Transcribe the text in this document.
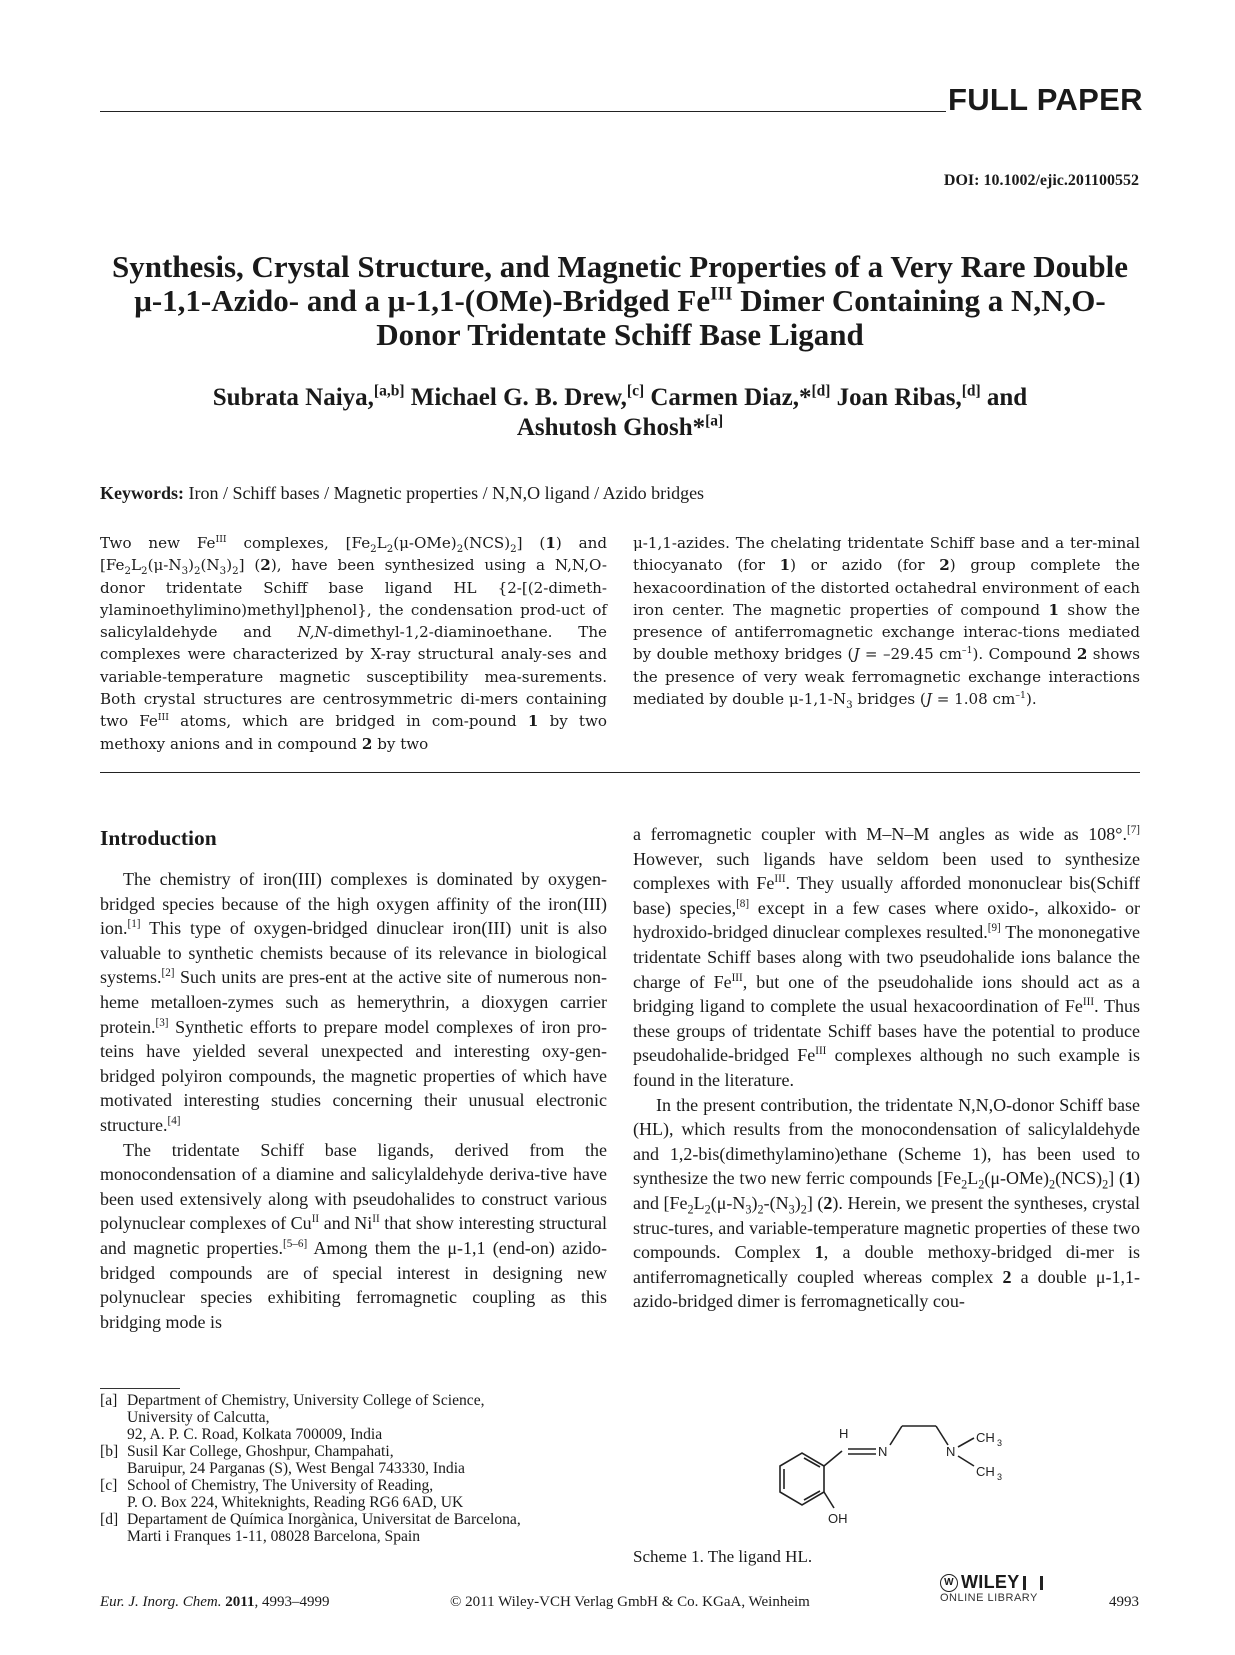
FULL PAPER
DOI: 10.1002/ejic.201100552
Synthesis, Crystal Structure, and Magnetic Properties of a Very Rare Double
μ-1,1-Azido- and a μ-1,1-(OMe)-Bridged $Fe^{III}$ Dimer Containing a N,N,O-
Donor Tridentate Schiff Base Ligand
Subrata Naiya,[a,b] Michael G. B. Drew,[c] Carmen Diaz,*[d] Joan Ribas,[d] and
Ashutosh Ghosh*[a]
Keywords: Iron / Schiff bases / Magnetic properties / N,N,O ligand / Azido bridges
Two new $Fe^{III}$ complexes, $[Fe_2L_2(\mu-OMe)_2(NCS)_2]$ (1) and $[Fe_2L_2(\mu-N_3)_2(N_3)_2]$ (2), have been synthesized using a N,N,O-donor tridentate Schiff base ligand HL {2-[(2-dimeth-ylaminoethylimino)methyl]phenol}, the condensation prod-uct of salicylaldehyde and N,N-dimethyl-1,2-diaminoethane. The complexes were characterized by X-ray structural analy-ses and variable-temperature magnetic susceptibility mea-surements. Both crystal structures are centrosymmetric di-mers containing two $Fe^{III}$ atoms, which are bridged in com-pound 1 by two methoxy anions and in compound 2 by two
μ-1,1-azides. The chelating tridentate Schiff base and a ter-minal thiocyanato (for 1) or azido (for 2) group complete the hexacoordination of the distorted octahedral environment of each iron center. The magnetic properties of compound 1 show the presence of antiferromagnetic exchange interac-tions mediated by double methoxy bridges (J = –29.45 $cm^{-1}$). Compound 2 shows the presence of very weak ferromagnetic exchange interactions mediated by double $\mu-1,1-N_3$ bridges (J = 1.08 $cm^{-1}$).
Introduction

The chemistry of iron(III) complexes is dominated by oxygen-bridged species because of the high oxygen affinity of the iron(III) ion.[1] This type of oxygen-bridged dinuclear iron(III) unit is also valuable to synthetic chemists because of its relevance in biological systems.[2] Such units are pres-ent at the active site of numerous non-heme metalloen-zymes such as hemerythrin, a dioxygen carrier protein.[3] Synthetic efforts to prepare model complexes of iron pro-teins have yielded several unexpected and interesting oxy-gen-bridged polyiron compounds, the magnetic properties of which have motivated interesting studies concerning their unusual electronic structure.[4]

The tridentate Schiff base ligands, derived from the monocondensation of a diamine and salicylaldehyde deriva-tive have been used extensively along with pseudohalides to construct various polynuclear complexes of $Cu^{II}$ and $Ni^{II}$ that show interesting structural and magnetic properties.[5–6] Among them the μ-1,1 (end-on) azido-bridged compounds are of special interest in designing new polynuclear species exhibiting ferromagnetic coupling as this bridging mode is

a ferromagnetic coupler with M–N–M angles as wide as 108°.[7] However, such ligands have seldom been used to synthesize complexes with $Fe^{III}$. They usually afforded mononuclear bis(Schiff base) species,[8] except in a few cases where oxido-, alkoxido- or hydroxido-bridged dinuclear complexes resulted.[9] The mononegative tridentate Schiff bases along with two pseudohalide ions balance the charge of $Fe^{III}$, but one of the pseudohalide ions should act as a bridging ligand to complete the usual hexacoordination of $Fe^{III}$. Thus these groups of tridentate Schiff bases have the potential to produce pseudohalide-bridged $Fe^{III}$ complexes although no such example is found in the literature.

In the present contribution, the tridentate N,N,O-donor Schiff base (HL), which results from the monocondensation of salicylaldehyde and 1,2-bis(dimethylamino)ethane (Scheme 1), has been used to synthesize the two new ferric compounds $[Fe_2L_2(\mu-OMe)_2(NCS)_2]$ (1) and $[Fe_2L_2(\mu-N_3)_2-(N_3)_2]$ (2). Herein, we present the syntheses, crystal struc-tures, and variable-temperature magnetic properties of these two compounds. Complex 1, a double methoxy-bridged di-mer is antiferromagnetically coupled whereas complex 2 a double μ-1,1-azido-bridged dimer is ferromagnetically cou-

[a] Department of Chemistry, University College of Science,
University of Calcutta,
92, A. P. C. Road, Kolkata 700009, India
[b] Susil Kar College, Ghoshpur, Champahati,
Baruipur, 24 Parganas (S), West Bengal 743330, India
[c] School of Chemistry, The University of Reading,
P. O. Box 224, Whiteknights, Reading RG6 6AD, UK
[d] Departament de Química Inorgànica, Universitat de Barcelona,
Marti i Franques 1-11, 08028 Barcelona, Spain
H
N	N
CH 3
CH 3
OH
Scheme 1. The ligand HL.
Eur. J. Inorg. Chem. 2011, 4993–4999	© 2011 Wiley-VCH Verlag GmbH & Co. KGaA, Weinheim
W WILEY
ONLINE LIBRARY	4993
